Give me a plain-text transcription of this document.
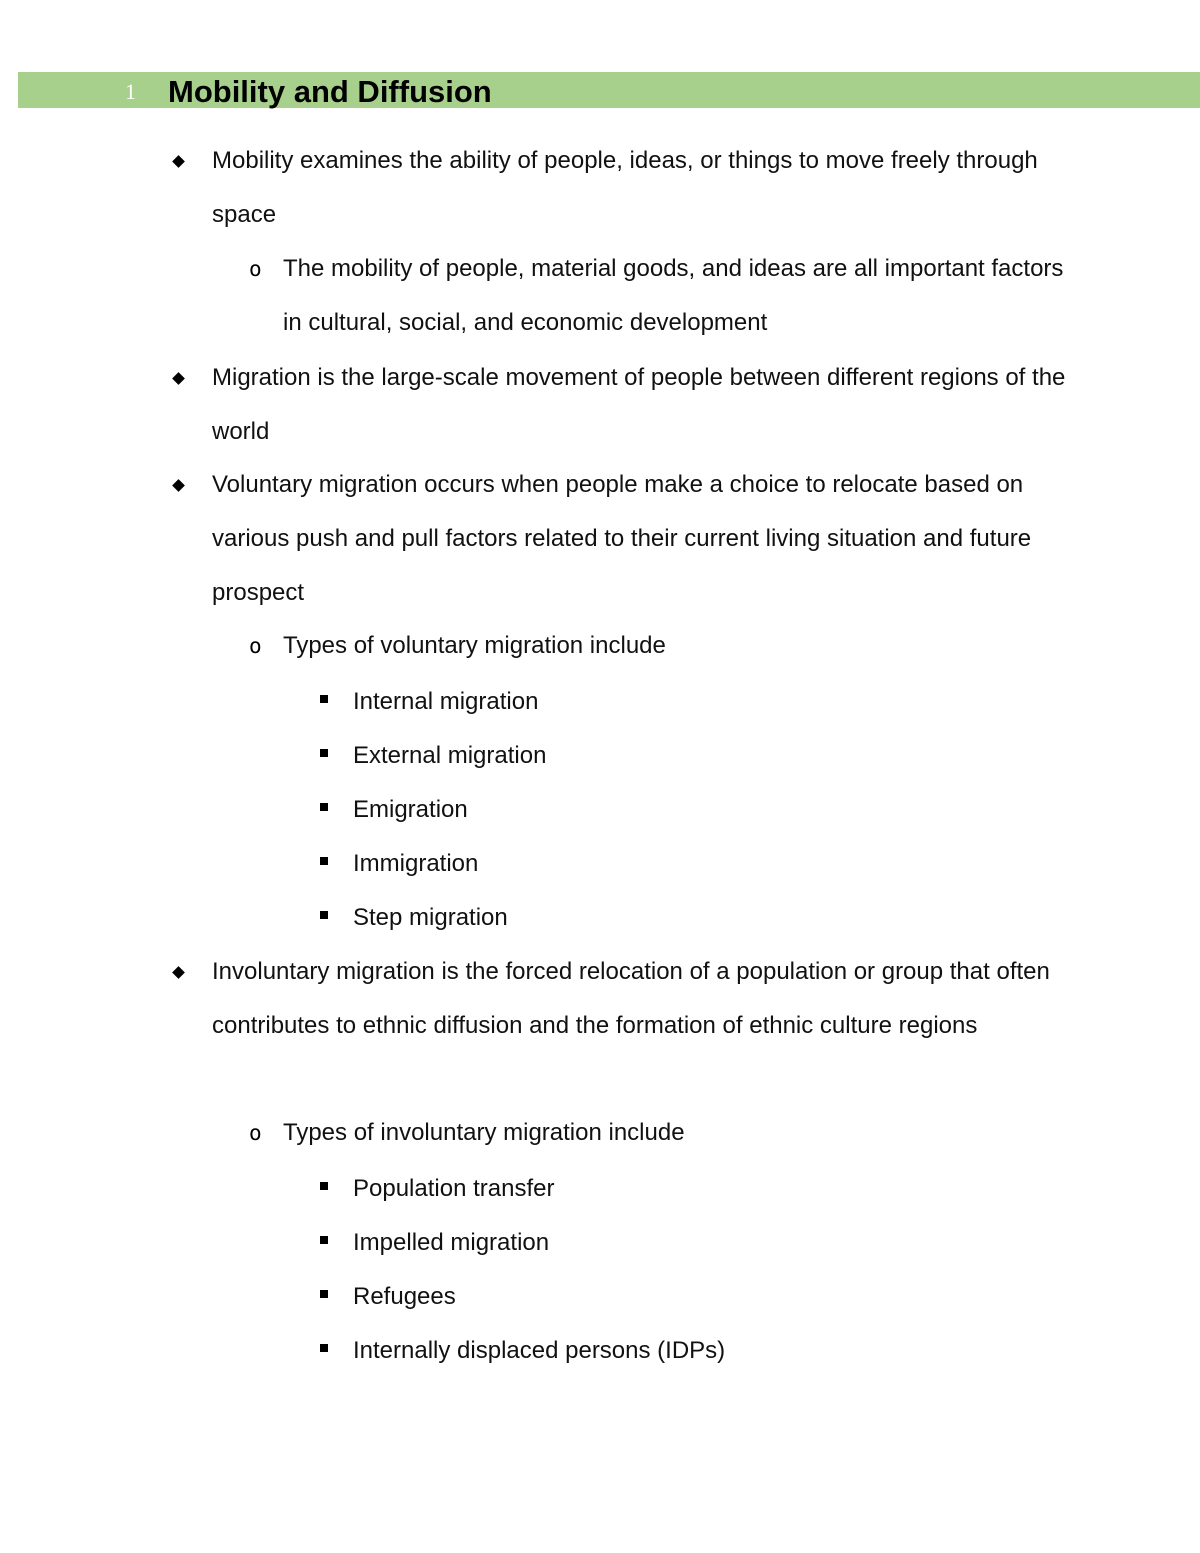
1 Mobility and Diffusion
Mobility examines the ability of people, ideas, or things to move freely through space
o The mobility of people, material goods, and ideas are all important factors in cultural, social, and economic development
Migration is the large-scale movement of people between different regions of the world
Voluntary migration occurs when people make a choice to relocate based on various push and pull factors related to their current living situation and future prospect
o Types of voluntary migration include
Internal migration
External migration
Emigration
Immigration
Step migration
Involuntary migration is the forced relocation of a population or group that often contributes to ethnic diffusion and the formation of ethnic culture regions
o Types of involuntary migration include
Population transfer
Impelled migration
Refugees
Internally displaced persons (IDPs)
